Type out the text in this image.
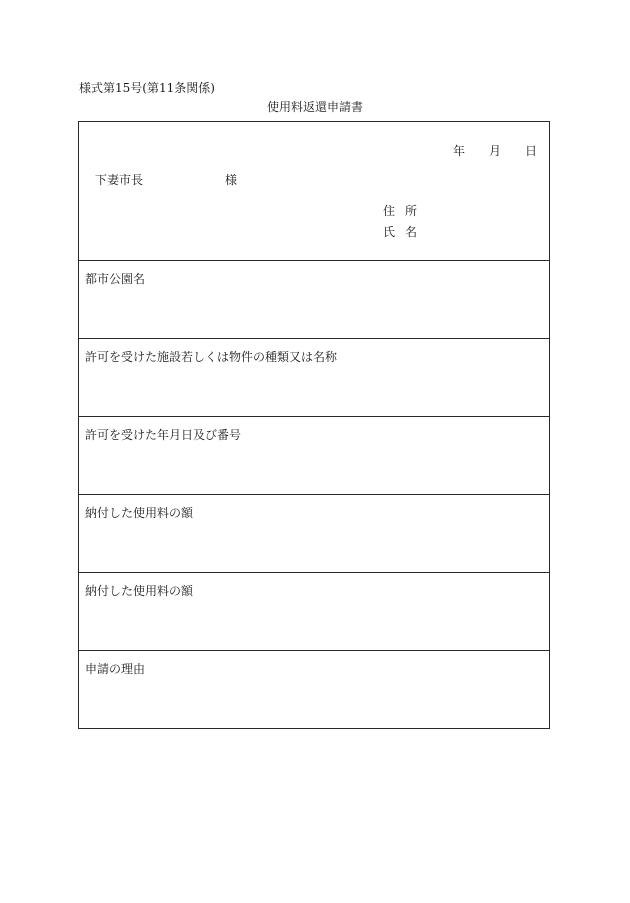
様式第15号(第11条関係)
使用料返還申請書
年 月 日
下妻市長	様
住所
氏名
都市公園名
許可を受けた施設若しくは物件の種類又は名称
許可を受けた年月日及び番号
納付した使用料の額
納付した使用料の額
申請の理由
